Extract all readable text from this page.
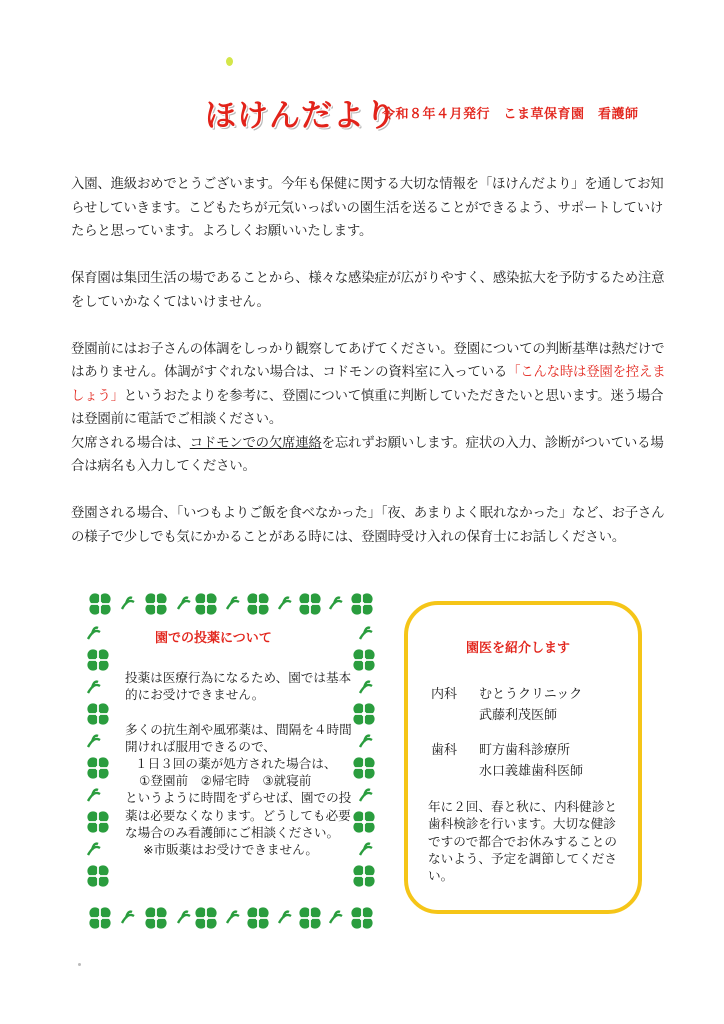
ほけんだより
令和８年４月発行　こま草保育園　看護師

入園、進級おめでとうございます。今年も保健に関する大切な情報を「ほけんだより」を通してお知らせしていきます。こどもたちが元気いっぱいの園生活を送ることができるよう、サポートしていけたらと思っています。よろしくお願いいたします。

保育園は集団生活の場であることから、様々な感染症が広がりやすく、感染拡大を予防するため注意をしていかなくてはいけません。

登園前にはお子さんの体調をしっかり観察してあげてください。登園についての判断基準は熱だけではありません。体調がすぐれない場合は、コドモンの資料室に入っている「こんな時は登園を控えましょう」というおたよりを参考に、登園について慎重に判断していただきたいと思います。迷う場合は登園前に電話でご相談ください。

欠席される場合は、コドモンでの欠席連絡を忘れずお願いします。症状の入力、診断がついている場合は病名も入力してください。

登園される場合、「いつもよりご飯を食べなかった」「夜、あまりよく眠れなかった」など、お子さんの様子で少しでも気にかかることがある時には、登園時受け入れの保育士にお話しください。

園での投薬について

投薬は医療行為になるため、園では基本的にお受けできません。

多くの抗生剤や風邪薬は、間隔を４時間開ければ服用できるので、
１日３回の薬が処方された場合は、
①登園前　②帰宅時　③就寝前
というように時間をずらせば、園での投薬は必要なくなります。どうしても必要な場合のみ看護師にご相談ください。
※市販薬はお受けできません。
園医を紹介します
内科 むとうクリニック
武藤利茂医師
歯科 町方歯科診療所
水口義雄歯科医師
年に２回、春と秋に、内科健診と歯科検診を行います。大切な健診ですので都合でお休みすることのないよう、予定を調節してください。
